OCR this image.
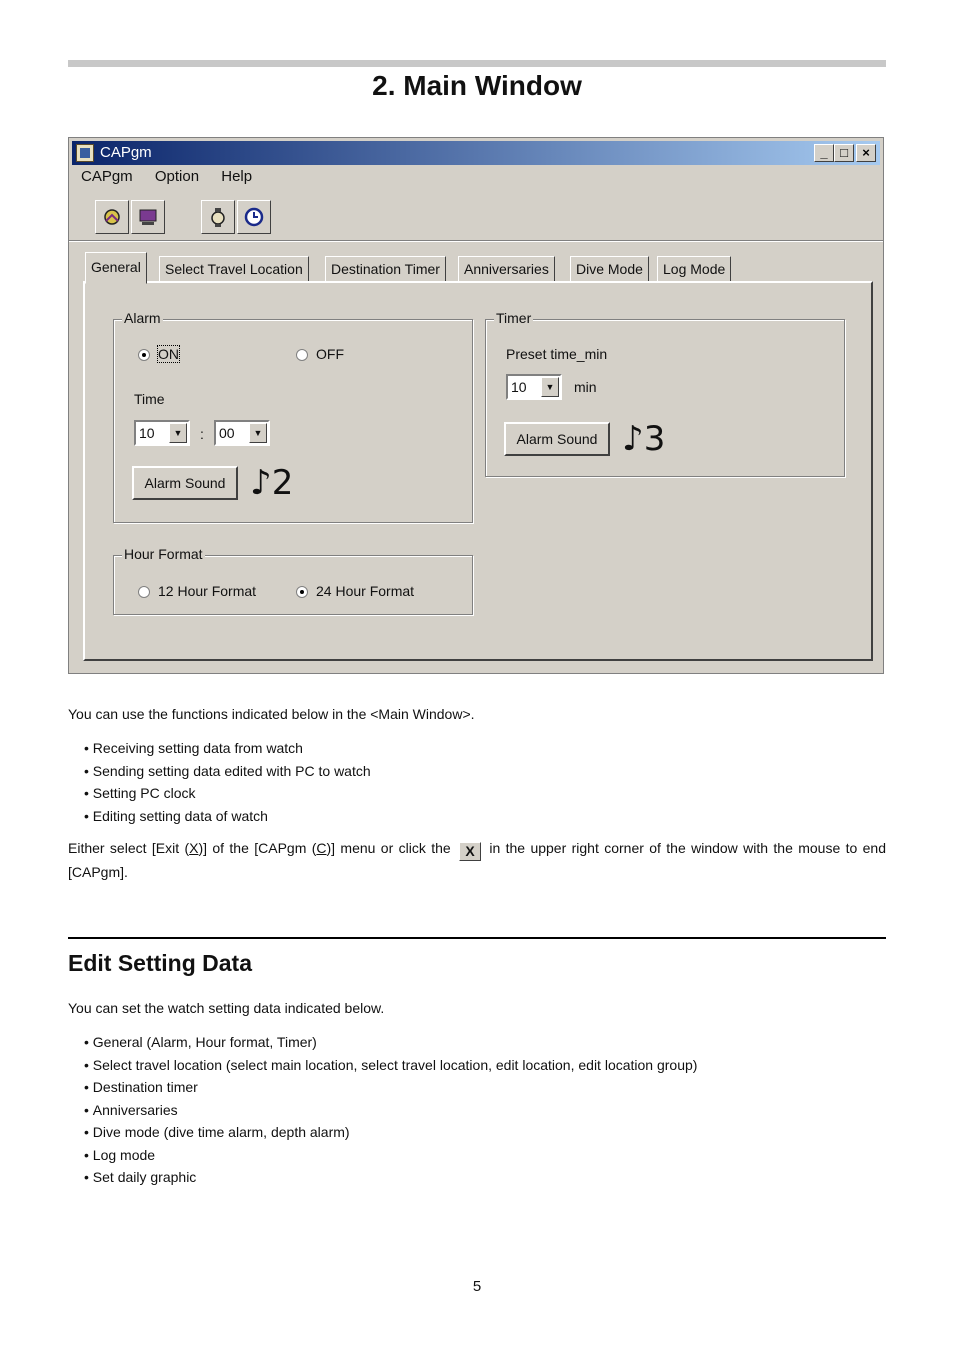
2. Main Window
CAPgm	_ □	×
CAPgm Option Help
General	Select Travel Location	Destination Timer	Anniversaries	Dive Mode	Log Mode
Alarm
ON	OFF
Time
10	▼	:	00	▼
Alarm Sound ♪2
Hour Format
12 Hour Format	24 Hour Format
Timer
Preset time_min
10	▼	min
Alarm Sound ♪3

You can use the functions indicated below in the <Main Window>.

• Receiving setting data from watch
• Sending setting data edited with PC to watch
• Setting PC clock
• Editing setting data of watch

Either select [Exit (X)] of the [CAPgm (C)] menu or click the X in the upper right corner of the window with the mouse to end [CAPgm].

Edit Setting Data

You can set the watch setting data indicated below.

• General (Alarm, Hour format, Timer)
• Select travel location (select main location, select travel location, edit location, edit location group)
• Destination timer
• Anniversaries
• Dive mode (dive time alarm, depth alarm)
• Log mode
• Set daily graphic
5
